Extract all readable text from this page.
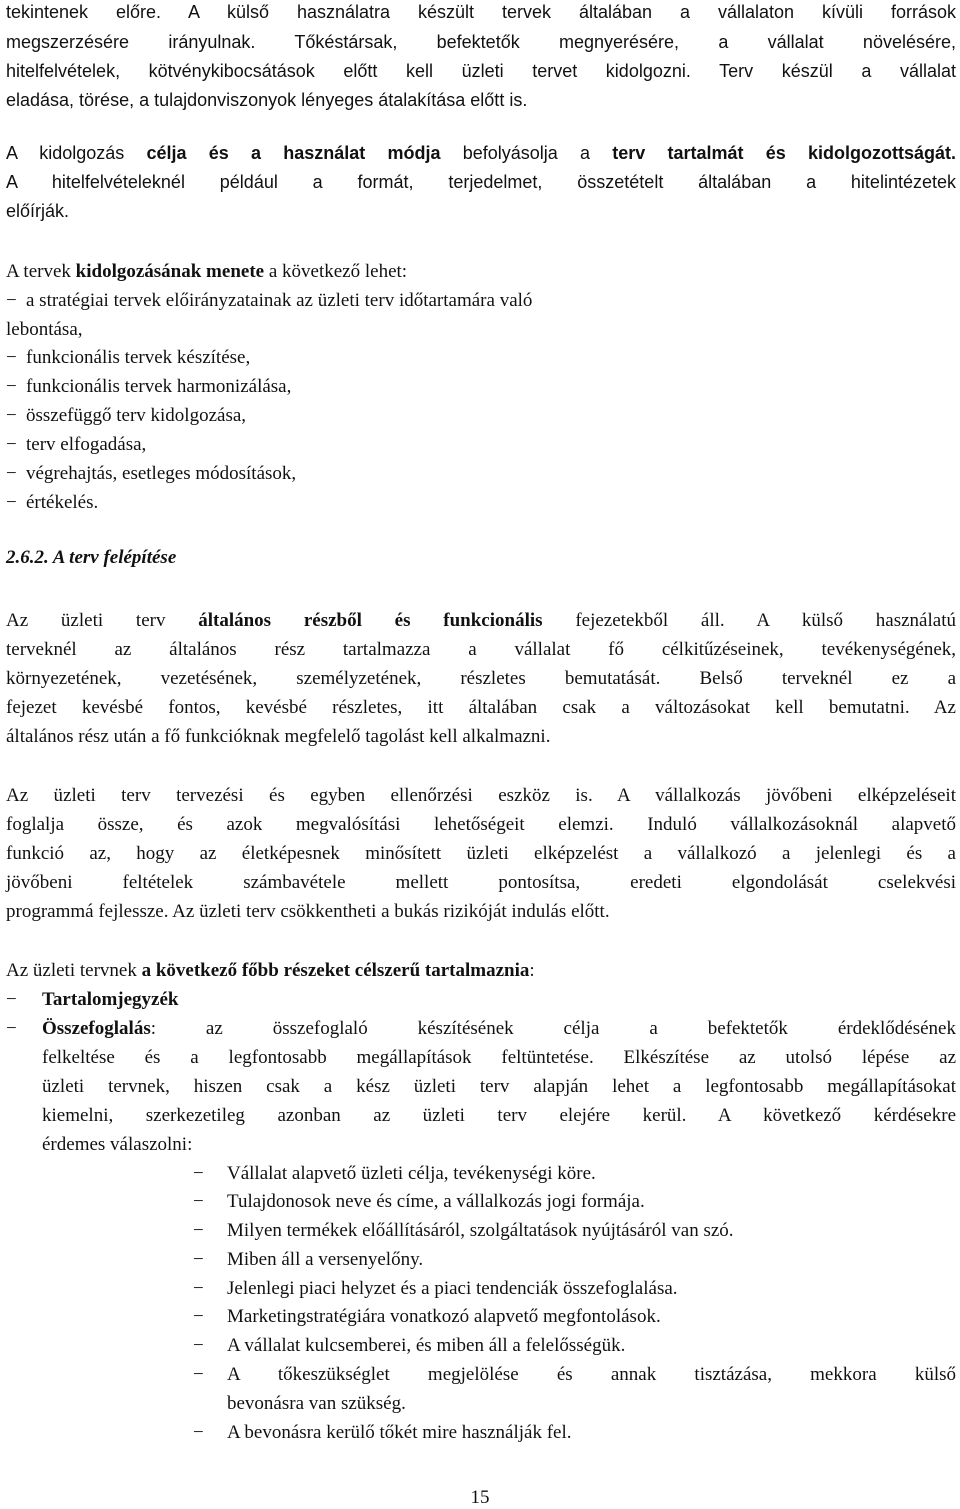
tekintenek előre. A külső használatra készült tervek általában a vállalaton kívüli források
megszerzésére irányulnak. Tőkéstársak, befektetők megnyerésére, a vállalat növelésére,
hitelfelvételek, kötvénykibocsátások előtt kell üzleti tervet kidolgozni. Terv készül a vállalat
eladása, törése, a tulajdonviszonyok lényeges átalakítása előtt is.
A kidolgozás célja és a használat módja befolyásolja a terv tartalmát és kidolgozottságát.
A hitelfelvételeknél például a formát, terjedelmet, összetételt általában a hitelintézetek
előírják.
A tervek kidolgozásának menete a következő lehet:
− a stratégiai tervek előirányzatainak az üzleti terv időtartamára való
lebontása,
− funkcionális tervek készítése,
− funkcionális tervek harmonizálása,
− összefüggő terv kidolgozása,
− terv elfogadása,
− végrehajtás, esetleges módosítások,
− értékelés.
2.6.2. A terv felépítése
Az üzleti terv általános részből és funkcionális fejezetekből áll. A külső használatú
terveknél az általános rész tartalmazza a vállalat fő célkitűzéseinek, tevékenységének,
környezetének, vezetésének, személyzetének, részletes bemutatását. Belső terveknél ez a
fejezet kevésbé fontos, kevésbé részletes, itt általában csak a változásokat kell bemutatni. Az
általános rész után a fő funkcióknak megfelelő tagolást kell alkalmazni.
Az üzleti terv tervezési és egyben ellenőrzési eszköz is. A vállalkozás jövőbeni elképzeléseit
foglalja össze, és azok megvalósítási lehetőségeit elemzi. Induló vállalkozásoknál alapvető
funkció az, hogy az életképesnek minősített üzleti elképzelést a vállalkozó a jelenlegi és a
jövőbeni feltételek számbavétele mellett pontosítsa, eredeti elgondolását cselekvési
programmá fejlessze. Az üzleti terv csökkentheti a bukás rizikóját indulás előtt.
Az üzleti tervnek a következő főbb részeket célszerű tartalmaznia:
− Tartalomjegyzék
− Összefoglalás: az összefoglaló készítésének célja a befektetők érdeklődésének
felkeltése és a legfontosabb megállapítások feltüntetése. Elkészítése az utolsó lépése az
üzleti tervnek, hiszen csak a kész üzleti terv alapján lehet a legfontosabb megállapításokat
kiemelni, szerkezetileg azonban az üzleti terv elejére kerül. A következő kérdésekre
érdemes válaszolni:
− Vállalat alapvető üzleti célja, tevékenységi köre.
− Tulajdonosok neve és címe, a vállalkozás jogi formája.
− Milyen termékek előállításáról, szolgáltatások nyújtásáról van szó.
− Miben áll a versenyelőny.
− Jelenlegi piaci helyzet és a piaci tendenciák összefoglalása.
− Marketingstratégiára vonatkozó alapvető megfontolások.
− A vállalat kulcsemberei, és miben áll a felelősségük.
− A tőkeszükséglet megjelölése és annak tisztázása, mekkora külső
bevonásra van szükség.
− A bevonásra kerülő tőkét mire használják fel.
15
